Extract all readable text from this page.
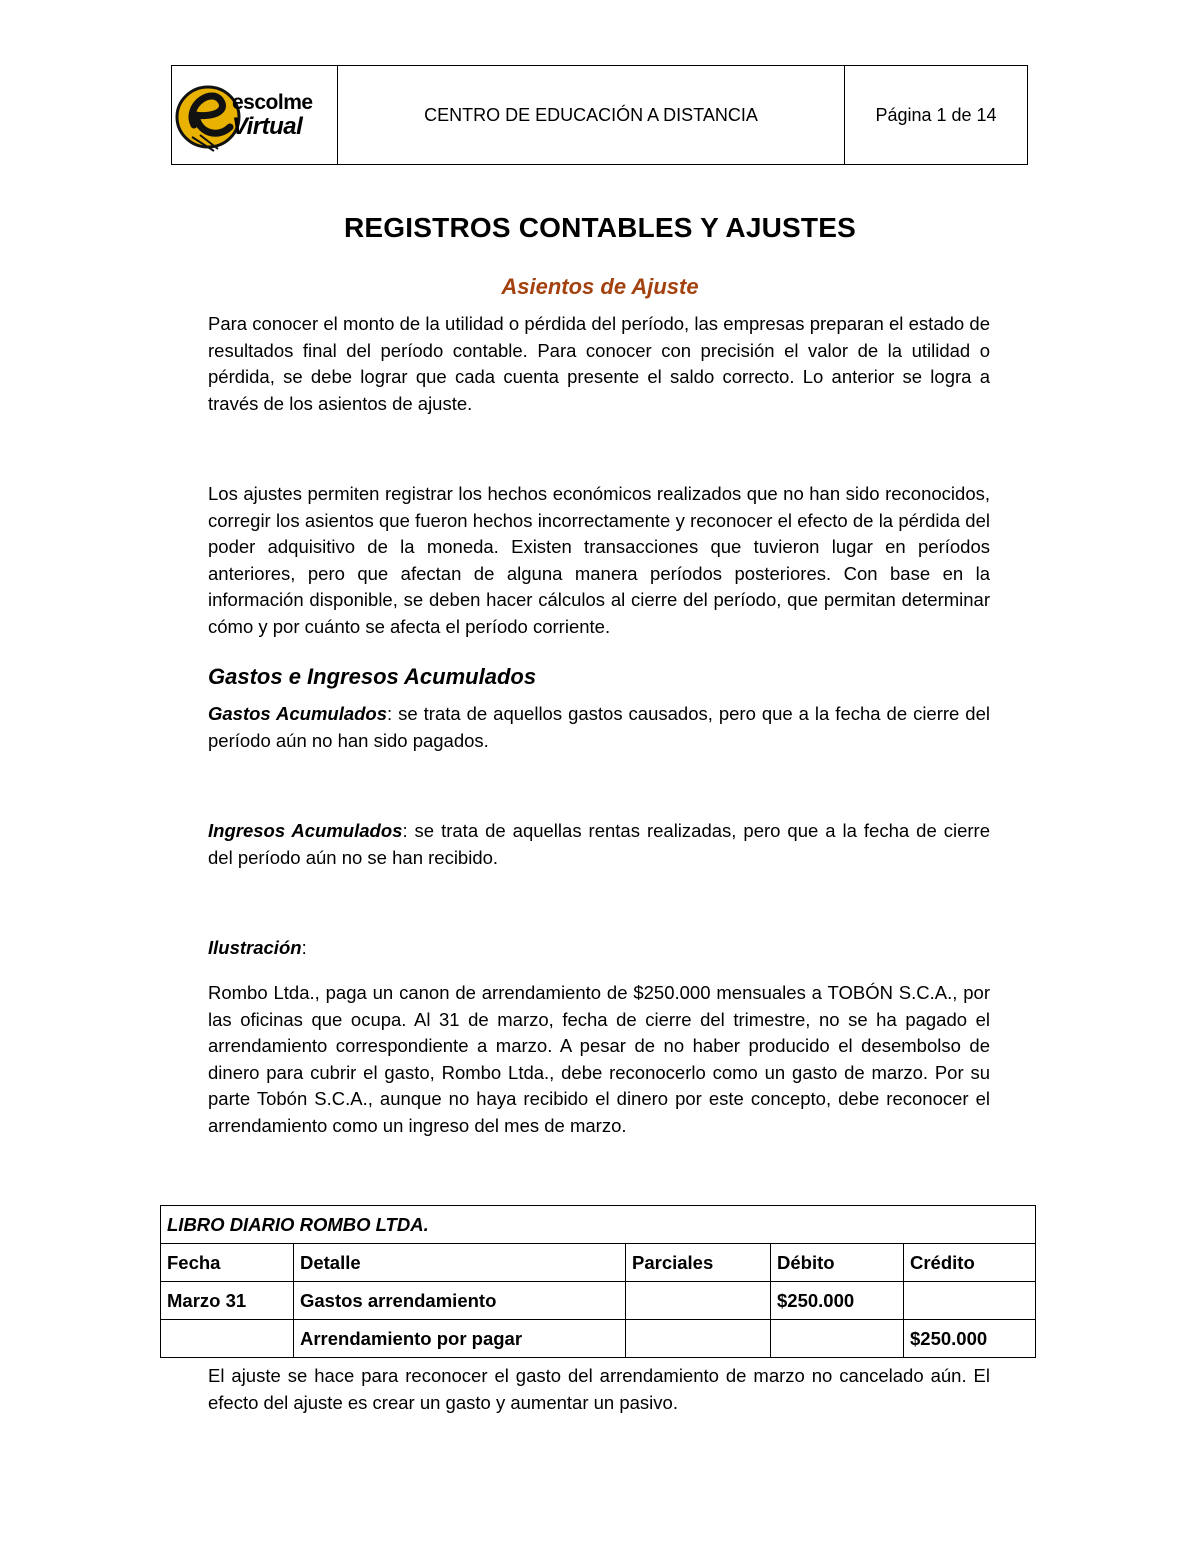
escolme
Virtual	CENTRO DE EDUCACIÓN A DISTANCIA	Página 1 de 14
REGISTROS CONTABLES Y AJUSTES
Asientos de Ajuste

Para conocer el monto de la utilidad o pérdida del período, las empresas preparan el estado de resultados final del período contable. Para conocer con precisión el valor de la utilidad o pérdida, se debe lograr que cada cuenta presente el saldo correcto. Lo anterior se logra a través de los asientos de ajuste.

Los ajustes permiten registrar los hechos económicos realizados que no han sido reconocidos, corregir los asientos que fueron hechos incorrectamente y reconocer el efecto de la pérdida del poder adquisitivo de la moneda. Existen transacciones que tuvieron lugar en períodos anteriores, pero que afectan de alguna manera períodos posteriores. Con base en la información disponible, se deben hacer cálculos al cierre del período, que permitan determinar cómo y por cuánto se afecta el período corriente.

Gastos e Ingresos Acumulados

Gastos Acumulados: se trata de aquellos gastos causados, pero que a la fecha de cierre del período aún no han sido pagados.

Ingresos Acumulados: se trata de aquellas rentas realizadas, pero que a la fecha de cierre del período aún no se han recibido.

Ilustración:

Rombo Ltda., paga un canon de arrendamiento de $250.000 mensuales a TOBÓN S.C.A., por las oficinas que ocupa. Al 31 de marzo, fecha de cierre del trimestre, no se ha pagado el arrendamiento correspondiente a marzo. A pesar de no haber producido el desembolso de dinero para cubrir el gasto, Rombo Ltda., debe reconocerlo como un gasto de marzo. Por su parte Tobón S.C.A., aunque no haya recibido el dinero por este concepto, debe reconocer el arrendamiento como un ingreso del mes de marzo.

LIBRO DIARIO ROMBO LTDA.				
Fecha	Detalle	Parciales	Débito	Crédito
Marzo 31	Gastos arrendamiento		$250.000	
	Arrendamiento por pagar			$250.000

El ajuste se hace para reconocer el gasto del arrendamiento de marzo no cancelado aún. El efecto del ajuste es crear un gasto y aumentar un pasivo.
